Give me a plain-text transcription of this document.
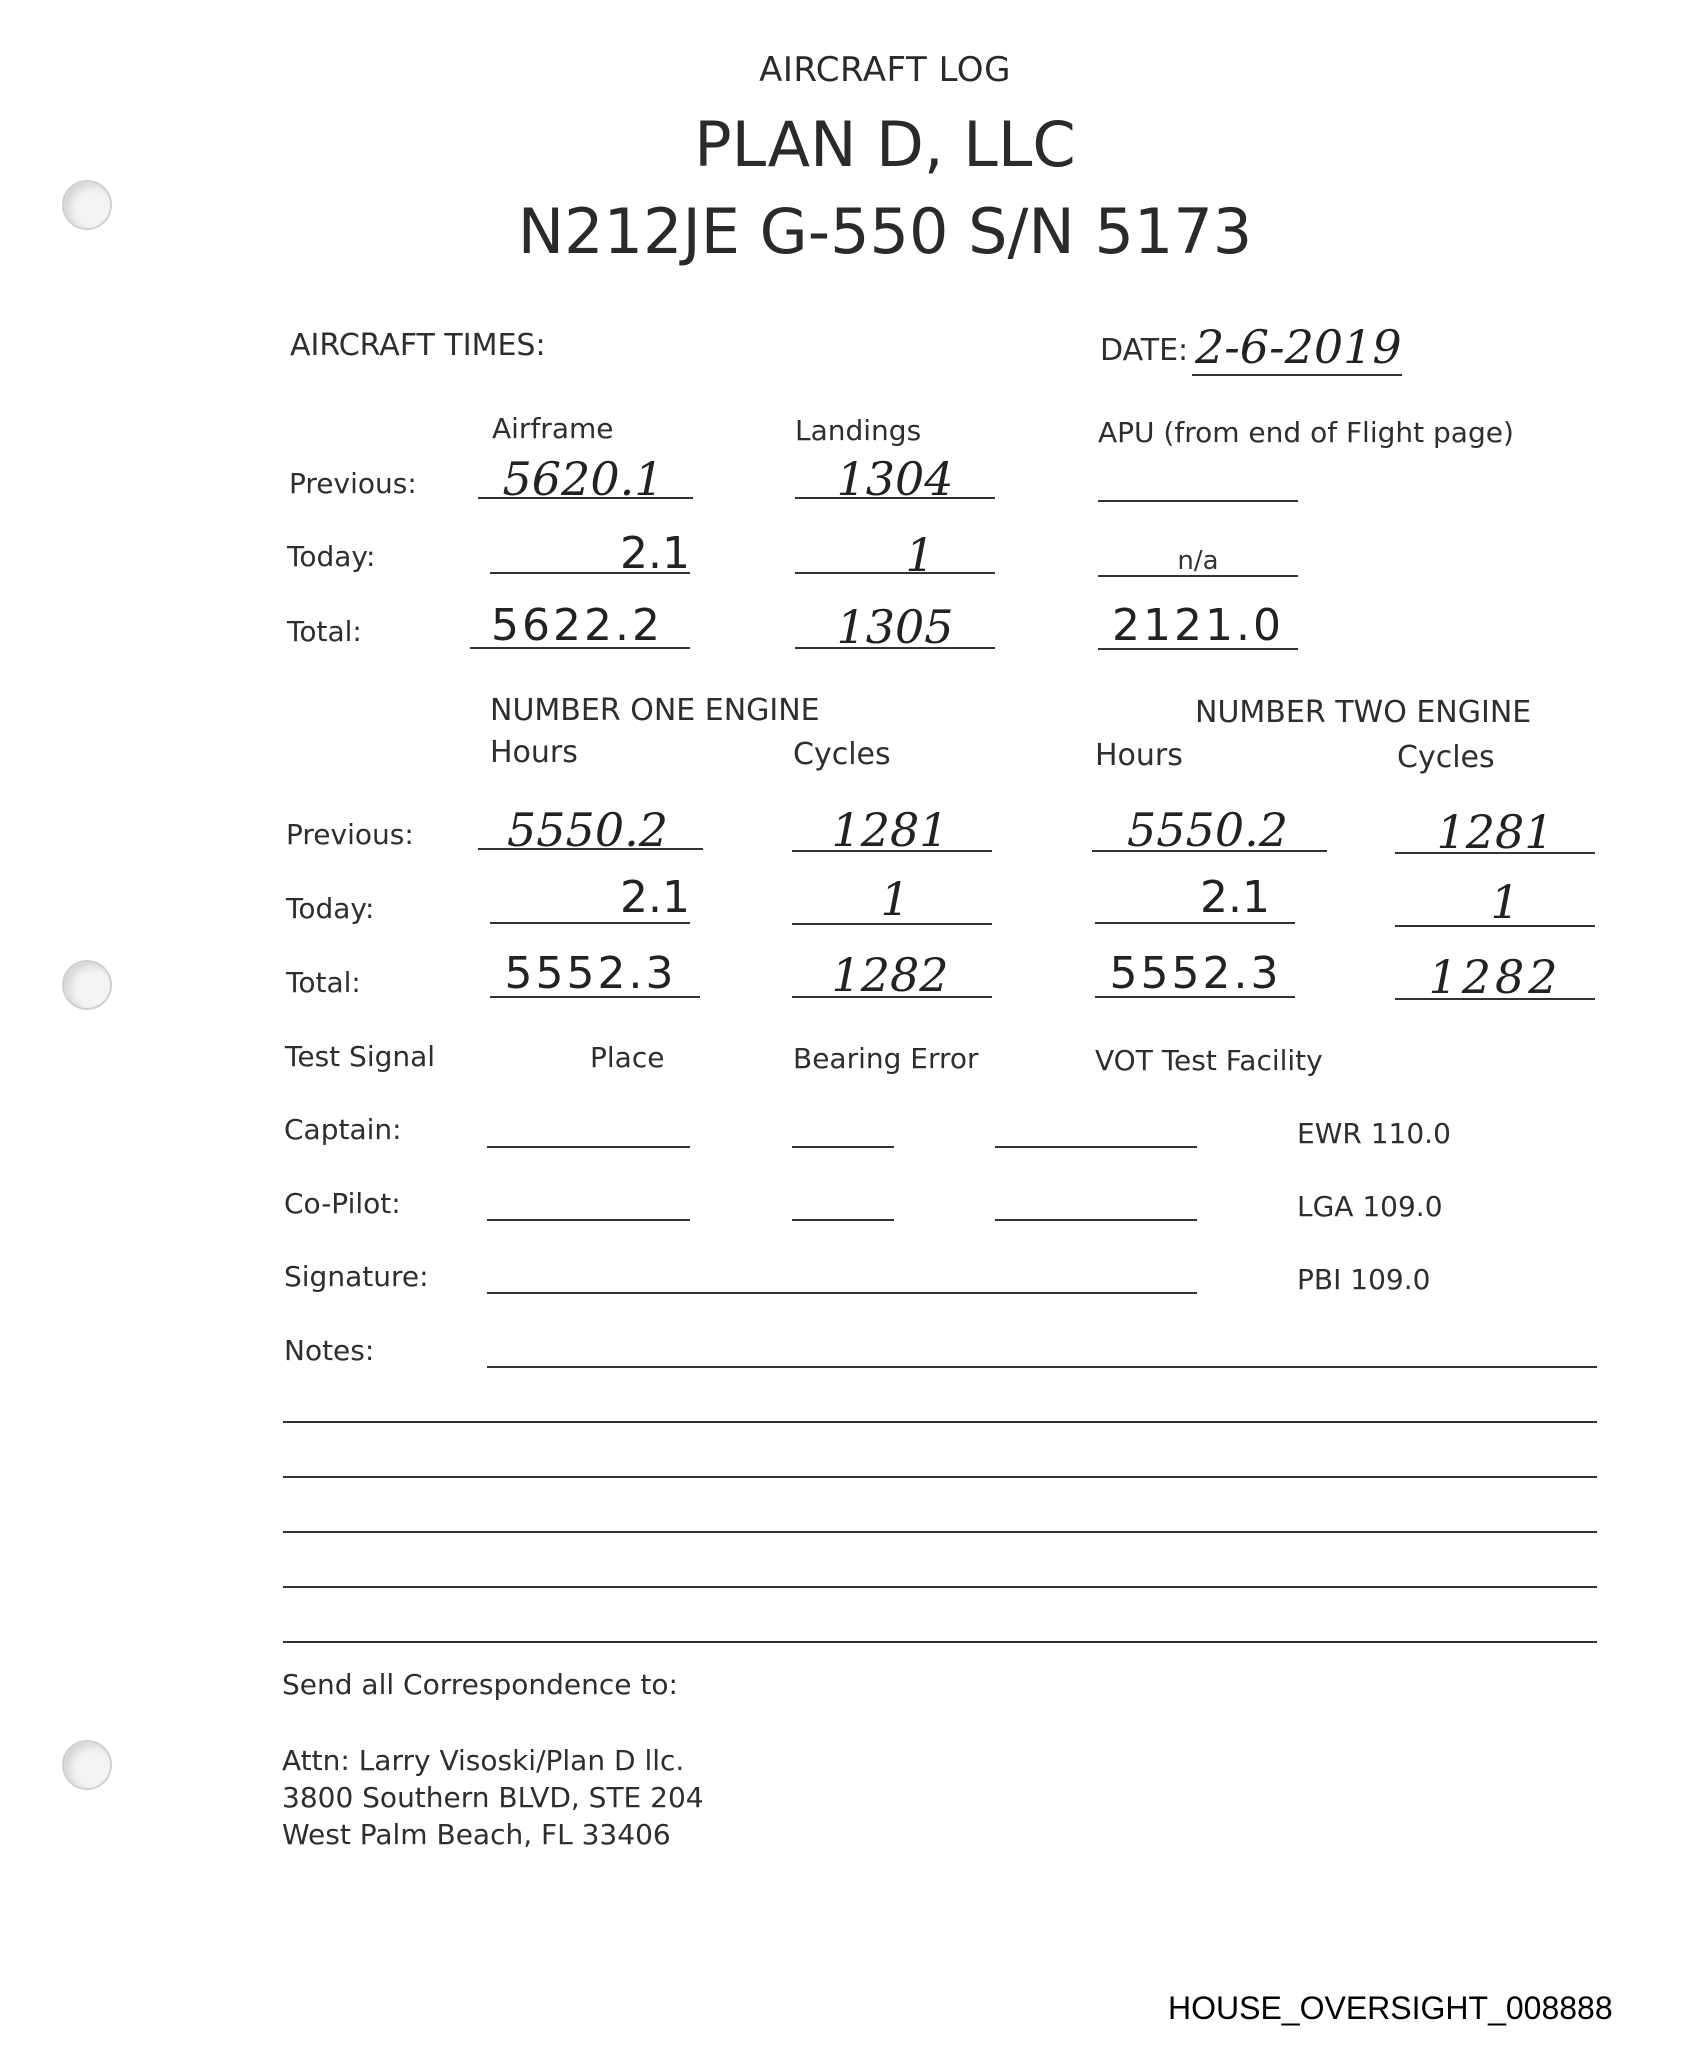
AIRCRAFT LOG
PLAN D, LLC
N212JE G-550 S/N 5173
AIRCRAFT TIMES:	DATE: 2-6-2019
Airframe	Landings	APU (from end of Flight page)
Previous:	5620.1	1304
Today:	2.1	1	n/a
Total:	5622.2	1305	2121.0
NUMBER ONE ENGINE	NUMBER TWO ENGINE
Hours	Cycles	Hours	Cycles
Previous:	5550.2	1281	5550.2	1281
Today:	2.1	1	2.1	1
Total:	5552.3	1282	5552.3	1282
Test Signal	Place	Bearing Error	VOT Test Facility
Captain:	EWR 110.0
Co-Pilot:	LGA 109.0
Signature:	PBI 109.0
Notes:
Send all Correspondence to:
Attn: Larry Visoski/Plan D llc.
3800 Southern BLVD, STE 204
West Palm Beach, FL 33406
HOUSE_OVERSIGHT_008888
